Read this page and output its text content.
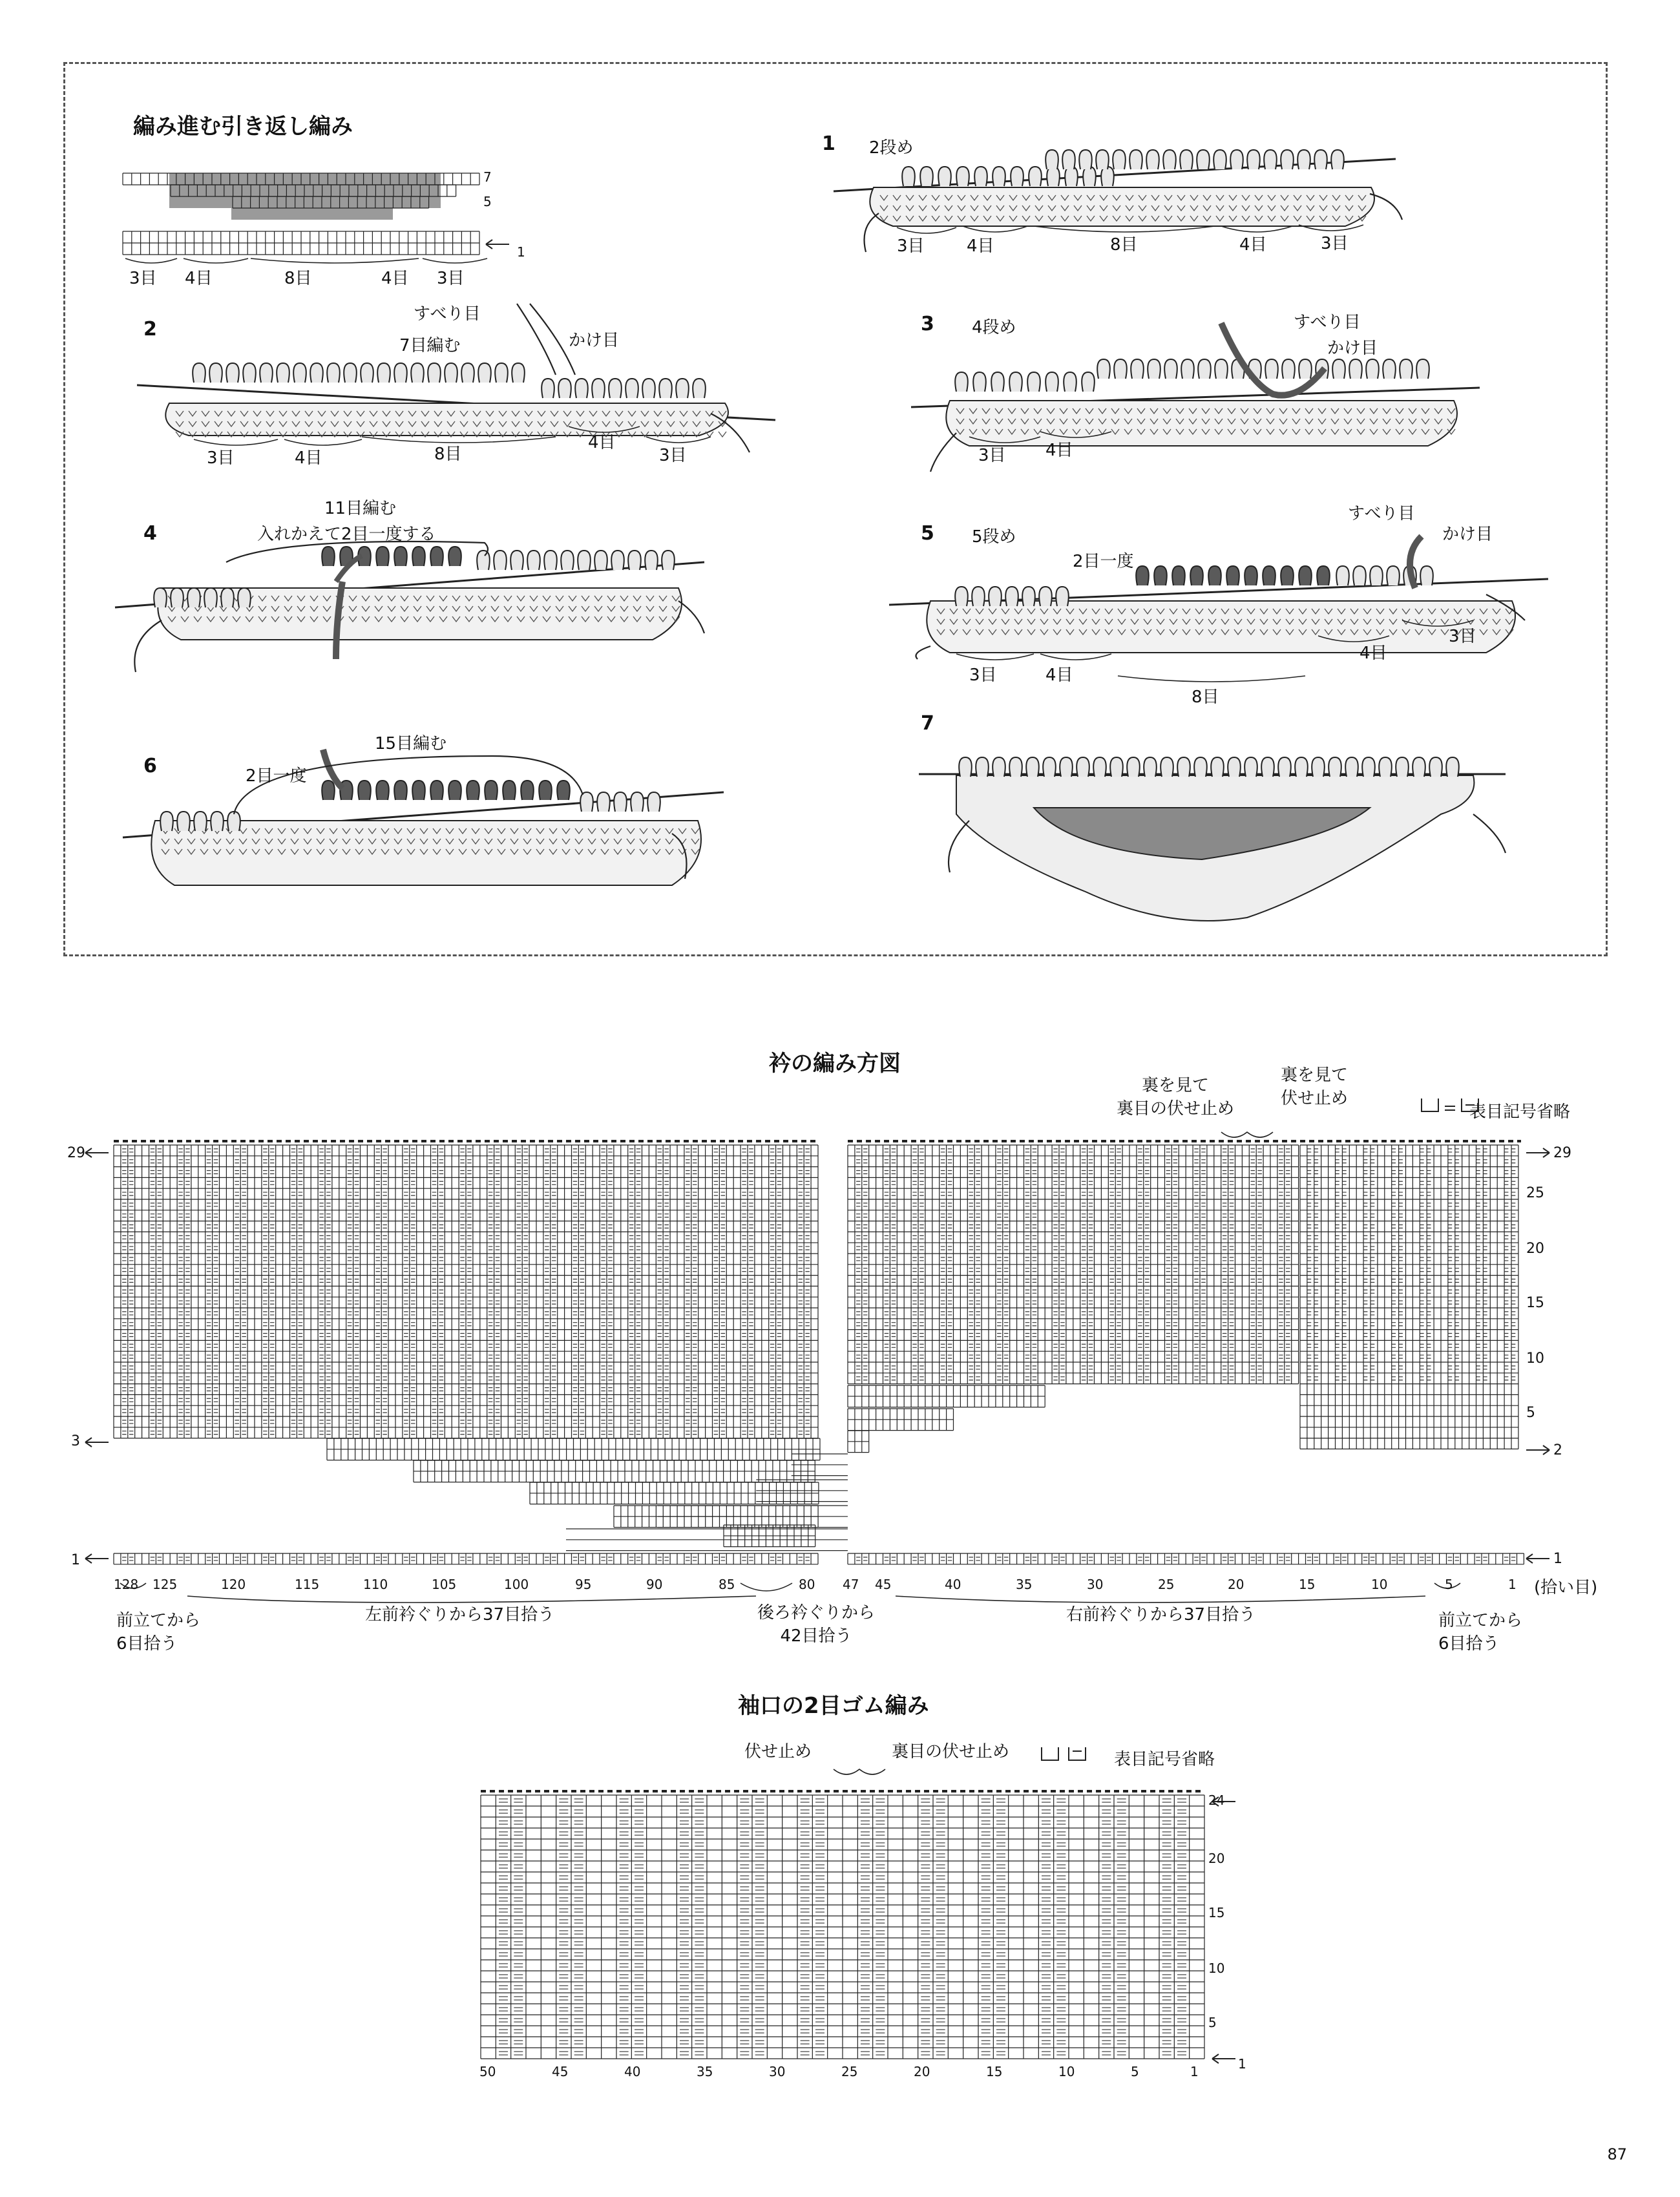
編み進む引き返し編み
7
5
1
3目 4目	8目	4目 3目
1 2段め
3目	4目	8目	4目	3目
2
すべり目
7目編む	かけ目
3目	4目	8目
4目
3目
3 4段め	すべり目
かけ目
3目 4目
4
11目編む
入れかえて2目一度する	5 5段め
すべり目
かけ目
2目一度
3目	4目
8目
4目
3目
6
15目編む
2目一度
7
衿の編み方図
裏を見て
裏目の伏せ止め
裏を見て
伏せ止め
表目記号省略
29
3
1
29
25
20
15
10
5
2
1
128 125	120	115	110	105	100	95	90	85	80 47 45	40	35	30	25	20	15	10	5	1 (拾い目)
前立てから
6目拾う
左前衿ぐりから37目拾う	後ろ衿ぐりから
42目拾う
右前衿ぐりから37目拾う	前立てから
6目拾う
袖口の2目ゴム編み
伏せ止め	裏目の伏せ止め	表目記号省略
24
20
15
10
5
1
50	45	40	35	30	25	20	15	10	5	1
87
